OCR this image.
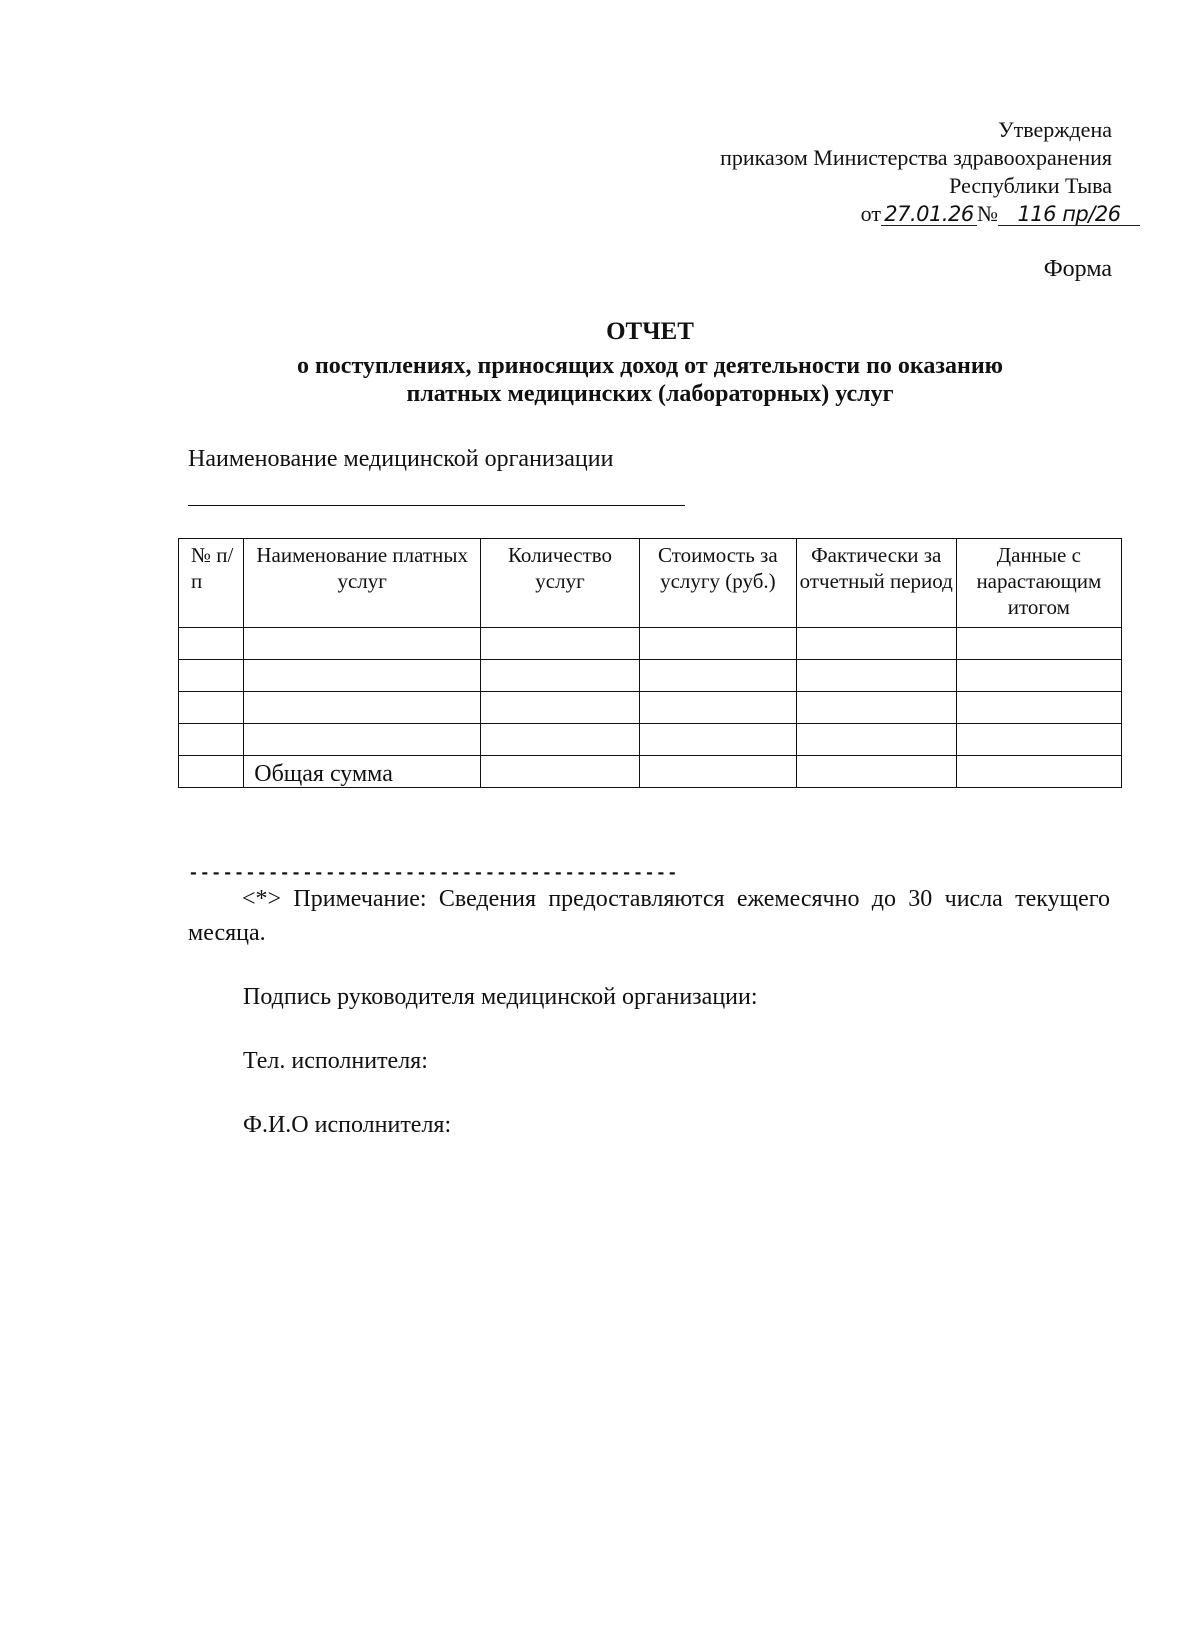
Утверждена
приказом Министерства здравоохранения
Республики Тыва
от 27.01.26 № 116 пр/26
Форма
ОТЧЕТ
о поступлениях, приносящих доход от деятельности по оказанию
платных медицинских (лабораторных) услуг
Наименование медицинской организации
№ п/п	Наименование платных услуг	Количество услуг	Стоимость за услугу (руб.)	Фактически за отчетный период	Данные с нарастающим итогом

	Общая сумма				
-------------------------------------------
<*> Примечание: Сведения предоставляются ежемесячно до 30 числа текущего месяца.
Подпись руководителя медицинской организации:
Тел. исполнителя:
Ф.И.О исполнителя:
